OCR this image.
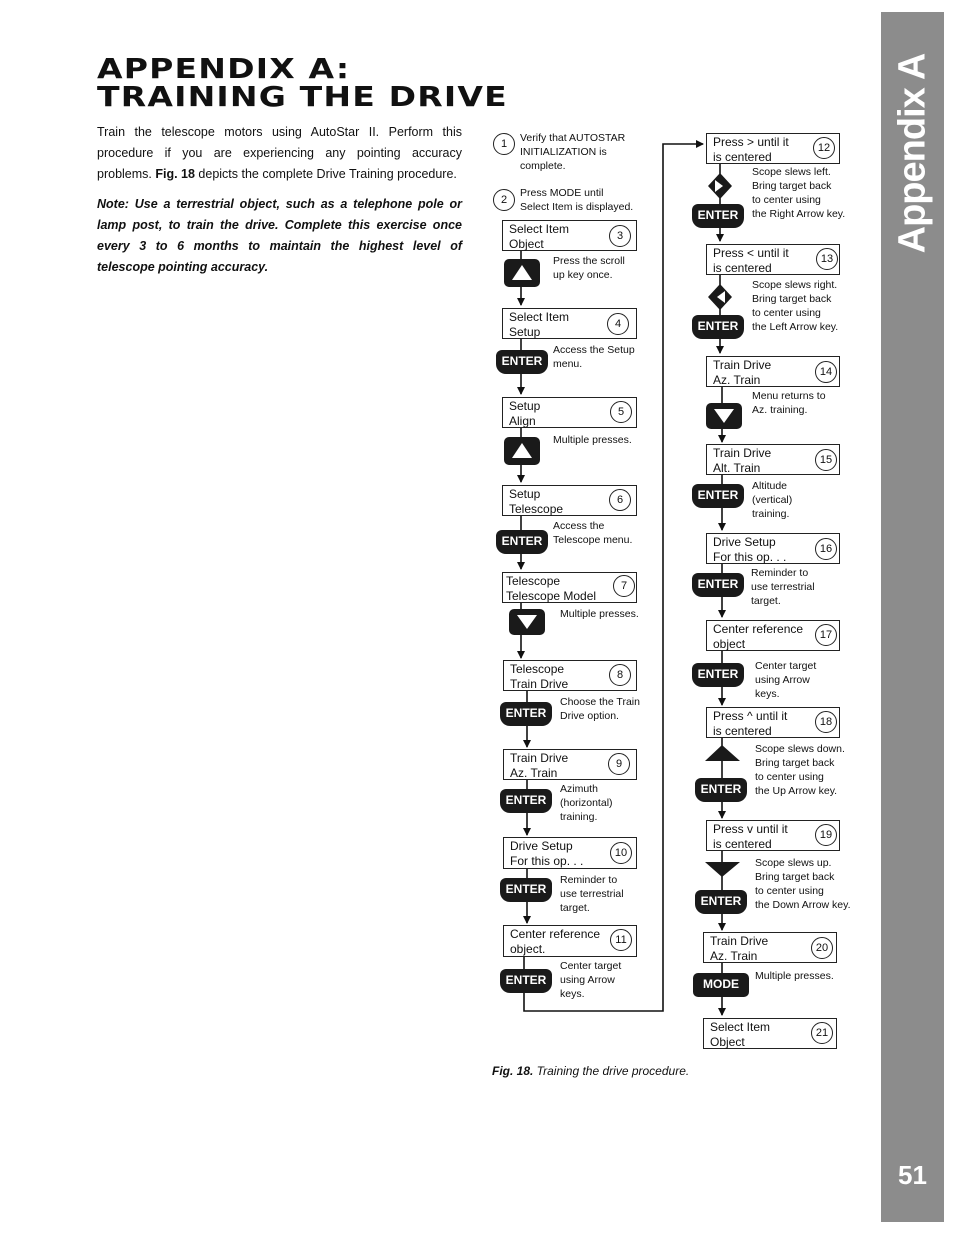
Appendix A
51
APPENDIX A:
TRAINING THE DRIVE
Train the telescope motors using AutoStar II. Perform this procedure if you are experiencing any pointing accuracy problems. Fig. 18 depicts the complete Drive Training procedure.
Note: Use a terrestrial object, such as a telephone pole or lamp post, to train the drive. Complete this exercise once every 3 to 6 months to maintain the highest level of telescope pointing accuracy.
1	Verify that AUTOSTAR
INITIALIZATION is
complete.
2
Press MODE until
Select Item is displayed.
Select Item
Object
3
Press the scroll
up key once.
Select Item
Setup
4
ENTER
Access the Setup
menu.
Setup
Align
5
Multiple presses.
Setup
Telescope
6
ENTER
Access the
Telescope menu.
Telescope
Telescope Model
7
Multiple presses.
Telescope
Train Drive
8
ENTER
Choose the Train
Drive option.
Train Drive
Az. Train
9
ENTER
Azimuth
(horizontal)
training.
Drive Setup
For this op. . .
10
ENTER
Reminder to
use terrestrial
target.
Center reference
object.
11
ENTER
Center target
using Arrow
keys.
Press > until it
is centered
12
ENTER
Scope slews left.
Bring target back
to center using
the Right Arrow key.
Press < until it
is centered
13
ENTER
Scope slews right.
Bring target back
to center using
the Left Arrow key.
Train Drive
Az. Train
14
Menu returns to
Az. training.
Train Drive
Alt. Train
15
ENTER
Altitude
(vertical)
training.
Drive Setup
For this op. . .
16
ENTER
Reminder to
use terrestrial
target.
Center reference
object
17
ENTER
Center target
using Arrow
keys.
Press ^ until it
is centered
18
ENTER
Scope slews down.
Bring target back
to center using
the Up Arrow key.
Press v until it
is centered
19
ENTER
Scope slews up.
Bring target back
to center using
the Down Arrow key.
Train Drive
Az. Train
20
MODE
Multiple presses.
Select Item
Object
21
Fig. 18. Training the drive procedure.
